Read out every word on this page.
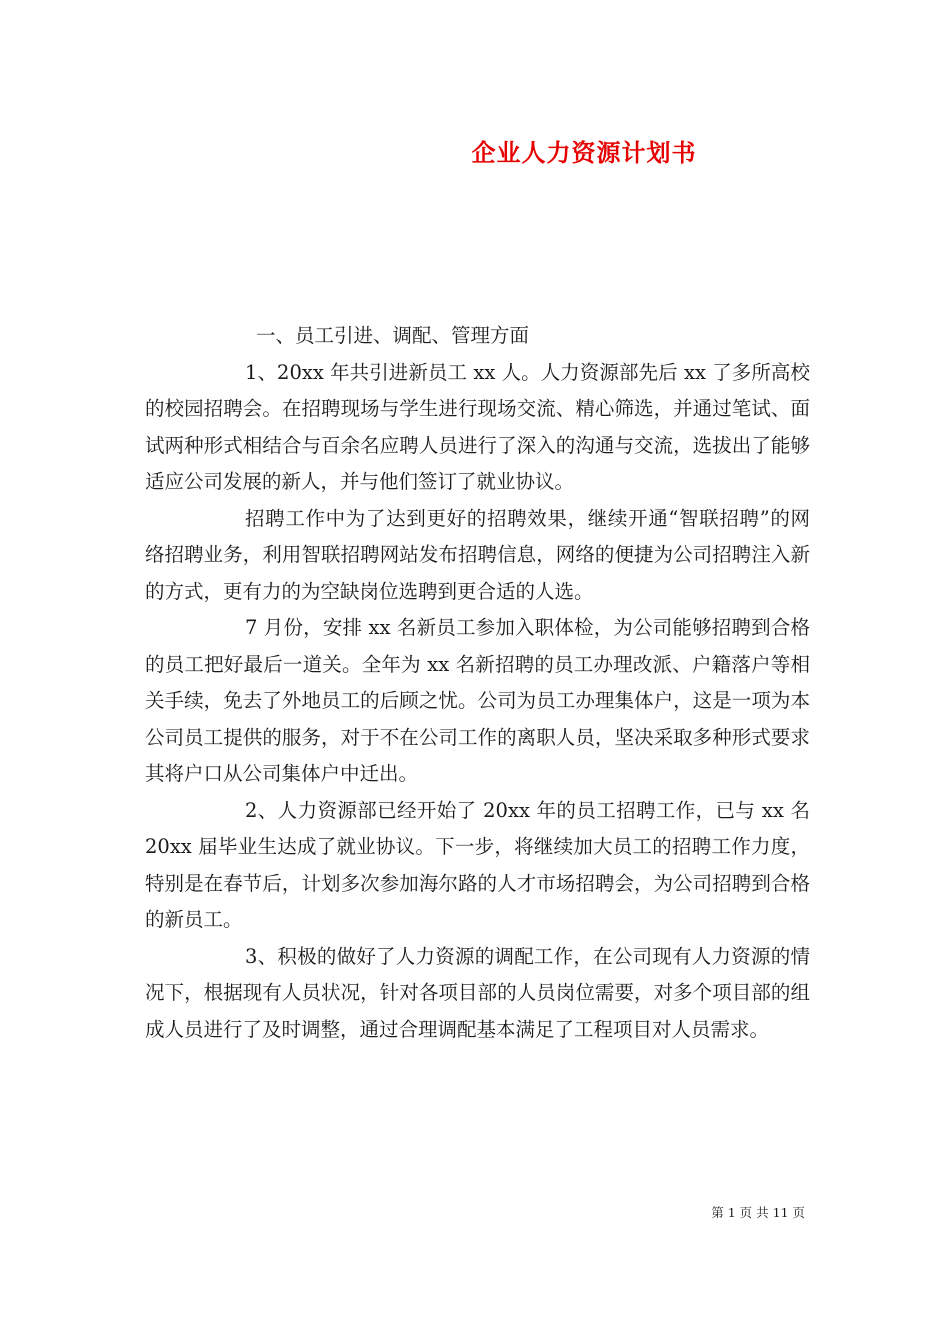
企业人力资源计划书

一、员工引进、调配、管理方面

1、20xx 年共引进新员工 xx 人。人力资源部先后 xx 了多所高校的校园招聘会。在招聘现场与学生进行现场交流、精心筛选，并通过笔试、面试两种形式相结合与百余名应聘人员进行了深入的沟通与交流，选拔出了能够适应公司发展的新人，并与他们签订了就业协议。

招聘工作中为了达到更好的招聘效果，继续开通“智联招聘”的网络招聘业务，利用智联招聘网站发布招聘信息，网络的便捷为公司招聘注入新的方式，更有力的为空缺岗位选聘到更合适的人选。

7 月份，安排 xx 名新员工参加入职体检，为公司能够招聘到合格的员工把好最后一道关。全年为 xx 名新招聘的员工办理改派、户籍落户等相关手续，免去了外地员工的后顾之忧。公司为员工办理集体户，这是一项为本公司员工提供的服务，对于不在公司工作的离职人员，坚决采取多种形式要求其将户口从公司集体户中迁出。

2、人力资源部已经开始了 20xx 年的员工招聘工作，已与 xx 名 20xx 届毕业生达成了就业协议。下一步，将继续加大员工的招聘工作力度，特别是在春节后，计划多次参加海尔路的人才市场招聘会，为公司招聘到合格的新员工。

3、积极的做好了人力资源的调配工作，在公司现有人力资源的情况下，根据现有人员状况，针对各项目部的人员岗位需要，对多个项目部的组成人员进行了及时调整，通过合理调配基本满足了工程项目对人员需求。

第 1 页 共 11 页
